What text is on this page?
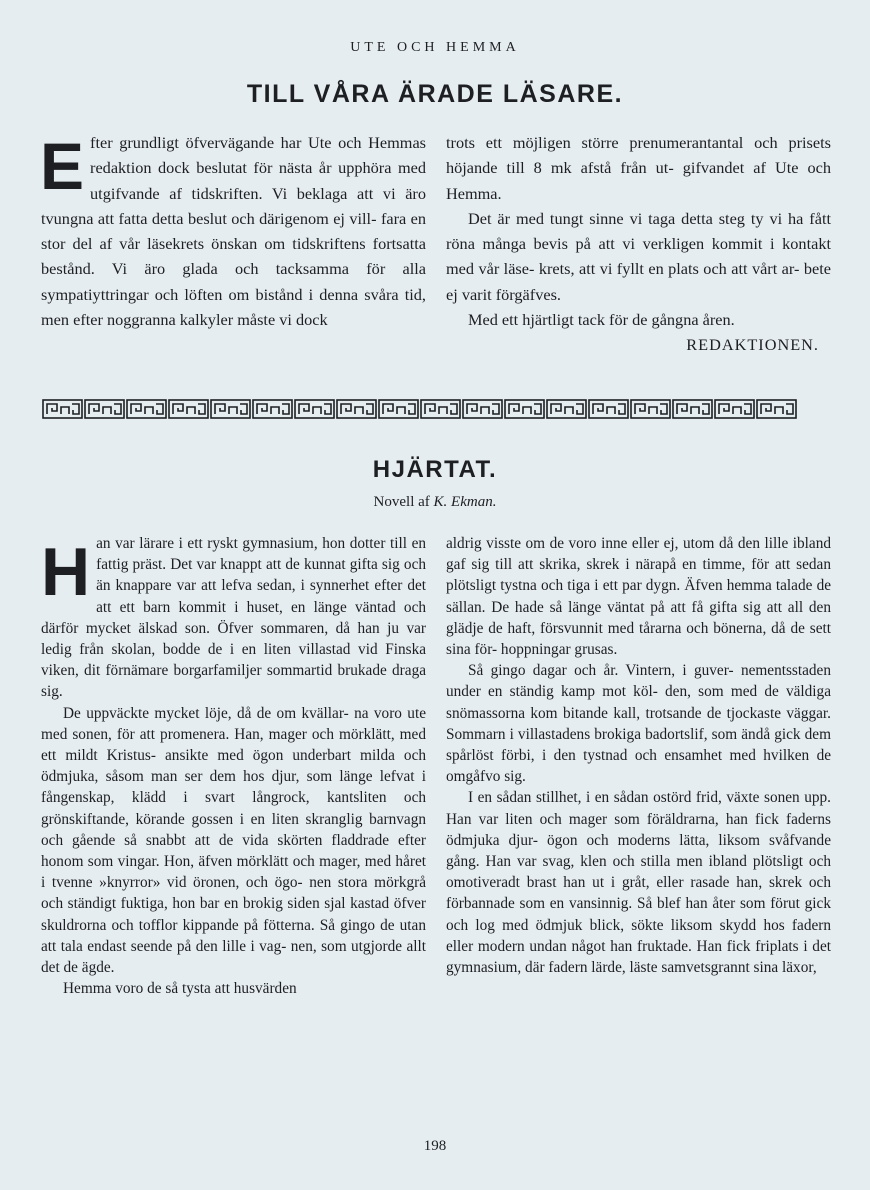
UTE OCH HEMMA
TILL VÅRA ÄRADE LÄSARE.
E fter grundligt öfvervägande har Ute och Hemmas redaktion dock beslutat för nästa år upphöra med utgifvande af tidskriften. Vi beklaga att vi äro tvungna att fatta detta beslut och därigenom ej vill- fara en stor del af vår läsekrets önskan om tidskriftens fortsatta bestånd. Vi äro glada och tacksamma för alla sympatiyttringar och löften om bistånd i denna svåra tid, men efter noggranna kalkyler måste vi dock

trots ett möjligen större prenumerantantal och prisets höjande till 8 mk afstå från ut- gifvandet af Ute och Hemma.

Det är med tungt sinne vi taga detta steg ty vi ha fått röna många bevis på att vi verkligen kommit i kontakt med vår läse- krets, att vi fyllt en plats och att vårt ar- bete ej varit förgäfves.

Med ett hjärtligt tack för de gångna åren.

REDAKTIONEN.

HJÄRTAT.
Novell af K. Ekman.
H an var lärare i ett ryskt gymnasium, hon dotter till en fattig präst. Det var knappt att de kunnat gifta sig och än knappare var att lefva sedan, i synnerhet efter det att ett barn kommit i huset, en länge väntad och därför mycket älskad son. Öfver sommaren, då han ju var ledig från skolan, bodde de i en liten villastad vid Finska viken, dit förnämare borgarfamiljer sommartid brukade draga sig.

De uppväckte mycket löje, då de om kvällar- na voro ute med sonen, för att promenera. Han, mager och mörklätt, med ett mildt Kristus- ansikte med ögon underbart milda och ödmjuka, såsom man ser dem hos djur, som länge lefvat i fångenskap, klädd i svart långrock, kantsliten och grönskiftande, körande gossen i en liten skranglig barnvagn och gående så snabbt att de vida skörten fladdrade efter honom som vingar. Hon, äfven mörklätt och mager, med håret i tvenne »knyrror» vid öronen, och ögo- nen stora mörkgrå och ständigt fuktiga, hon bar en brokig siden sjal kastad öfver skuldrorna och tofflor kippande på fötterna. Så gingo de utan att tala endast seende på den lille i vag- nen, som utgjorde allt det de ägde.

Hemma voro de så tysta att husvärden

aldrig visste om de voro inne eller ej, utom då den lille ibland gaf sig till att skrika, skrek i närapå en timme, för att sedan plötsligt tystna och tiga i ett par dygn. Äfven hemma talade de sällan. De hade så länge väntat på att få gifta sig att all den glädje de haft, försvunnit med tårarna och bönerna, då de sett sina för- hoppningar grusas.

Så gingo dagar och år. Vintern, i guver- nementsstaden under en ständig kamp mot köl- den, som med de väldiga snömassorna kom bitande kall, trotsande de tjockaste väggar. Sommarn i villastadens brokiga badortslif, som ändå gick dem spårlöst förbi, i den tystnad och ensamhet med hvilken de omgåfvo sig.

I en sådan stillhet, i en sådan ostörd frid, växte sonen upp. Han var liten och mager som föräldrarna, han fick faderns ödmjuka djur- ögon och moderns lätta, liksom svåfvande gång. Han var svag, klen och stilla men ibland plötsligt och omotiveradt brast han ut i gråt, eller rasade han, skrek och förbannade som en vansinnig. Så blef han åter som förut gick och log med ödmjuk blick, sökte liksom skydd hos fadern eller modern undan något han fruktade. Han fick friplats i det gymnasium, där fadern lärde, läste samvetsgrannt sina läxor,

198
